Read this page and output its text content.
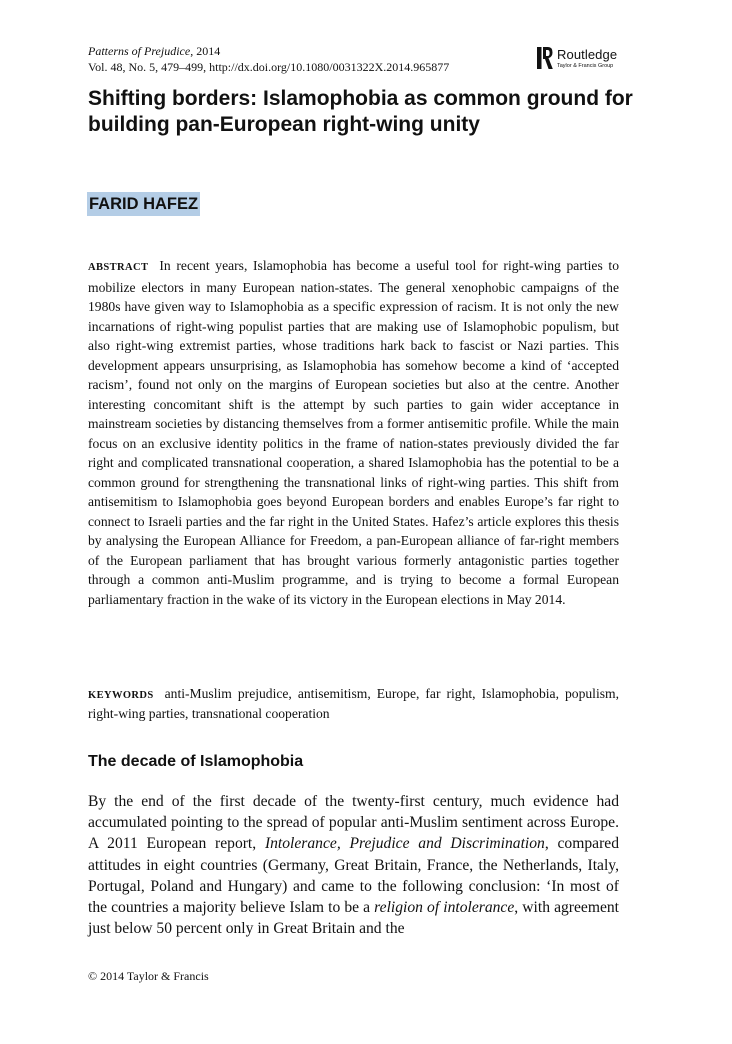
Patterns of Prejudice, 2014
Vol. 48, No. 5, 479–499, http://dx.doi.org/10.1080/0031322X.2014.965877
Routledge
Taylor & Francis Group
Shifting borders: Islamophobia as common ground for building pan-European right-wing unity
FARID HAFEZ

ABSTRACT In recent years, Islamophobia has become a useful tool for right-wing parties to mobilize electors in many European nation-states. The general xenophobic campaigns of the 1980s have given way to Islamophobia as a specific expression of racism. It is not only the new incarnations of right-wing populist parties that are making use of Islamophobic populism, but also right-wing extremist parties, whose traditions hark back to fascist or Nazi parties. This development appears unsurprising, as Islamophobia has somehow become a kind of ‘accepted racism’, found not only on the margins of European societies but also at the centre. Another interesting concomitant shift is the attempt by such parties to gain wider acceptance in mainstream societies by distancing themselves from a former antisemitic profile. While the main focus on an exclusive identity politics in the frame of nation-states previously divided the far right and complicated transnational cooperation, a shared Islamophobia has the potential to be a common ground for strengthening the transnational links of right-wing parties. This shift from antisemitism to Islamophobia goes beyond European borders and enables Europe’s far right to connect to Israeli parties and the far right in the United States. Hafez’s article explores this thesis by analysing the European Alliance for Freedom, a pan-European alliance of far-right members of the European parliament that has brought various formerly antagonistic parties together through a common anti-Muslim programme, and is trying to become a formal European parliamentary fraction in the wake of its victory in the European elections in May 2014.

KEYWORDS anti-Muslim prejudice, antisemitism, Europe, far right, Islamophobia, populism, right-wing parties, transnational cooperation

The decade of Islamophobia

By the end of the first decade of the twenty-first century, much evidence had accumulated pointing to the spread of popular anti-Muslim sentiment across Europe. A 2011 European report, Intolerance, Prejudice and Discrimination, compared attitudes in eight countries (Germany, Great Britain, France, the Netherlands, Italy, Portugal, Poland and Hungary) and came to the following conclusion: ‘In most of the countries a majority believe Islam to be a religion of intolerance, with agreement just below 50 percent only in Great Britain and the

© 2014 Taylor & Francis
